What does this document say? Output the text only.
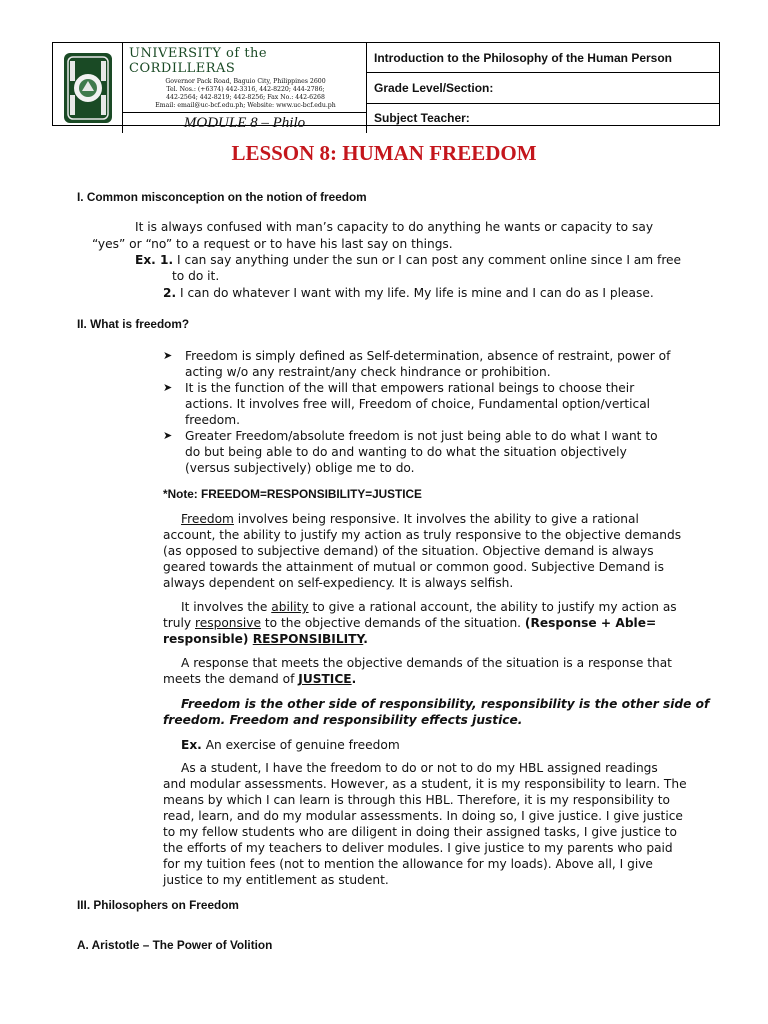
UNIVERSITY of the CORDILLERAS
Governor Pack Road, Baguio City, Philippines 2600
Tel. Nos.: (+6374) 442-3316, 442-8220; 444-2786;
442-2564; 442-8219; 442-8256; Fax No.: 442-6268
Email: email@uc-bcf.edu.ph; Website: www.uc-bcf.edu.ph
MODULE 8 – Philo
Introduction to the Philosophy of the Human Person
Grade Level/Section:
Subject Teacher:
LESSON 8: HUMAN FREEDOM
I. Common misconception on the notion of freedom
It is always confused with man’s capacity to do anything he wants or capacity to say
“yes” or “no” to a request or to have his last say on things.
Ex. 1. I can say anything under the sun or I can post any comment online since I am free
to do it.
2. I can do whatever I want with my life. My life is mine and I can do as I please.
II. What is freedom?
➤ Freedom is simply defined as Self-determination, absence of restraint, power of
acting w/o any restraint/any check hindrance or prohibition.
➤ It is the function of the will that empowers rational beings to choose their
actions. It involves free will, Freedom of choice, Fundamental option/vertical
freedom.
➤ Greater Freedom/absolute freedom is not just being able to do what I want to
do but being able to do and wanting to do what the situation objectively
(versus subjectively) oblige me to do.
*Note: FREEDOM=RESPONSIBILITY=JUSTICE
Freedom involves being responsive. It involves the ability to give a rational
account, the ability to justify my action as truly responsive to the objective demands
(as opposed to subjective demand) of the situation. Objective demand is always
geared towards the attainment of mutual or common good. Subjective Demand is
always dependent on self-expediency. It is always selfish.
It involves the ability to give a rational account, the ability to justify my action as
truly responsive to the objective demands of the situation. (Response + Able=
responsible) RESPONSIBILITY.
A response that meets the objective demands of the situation is a response that
meets the demand of JUSTICE.
Freedom is the other side of responsibility, responsibility is the other side of
freedom. Freedom and responsibility effects justice.
Ex. An exercise of genuine freedom
As a student, I have the freedom to do or not to do my HBL assigned readings
and modular assessments. However, as a student, it is my responsibility to learn. The
means by which I can learn is through this HBL. Therefore, it is my responsibility to
read, learn, and do my modular assessments. In doing so, I give justice. I give justice
to my fellow students who are diligent in doing their assigned tasks, I give justice to
the efforts of my teachers to deliver modules. I give justice to my parents who paid
for my tuition fees (not to mention the allowance for my loads). Above all, I give
justice to my entitlement as student.
III. Philosophers on Freedom
A. Aristotle – The Power of Volition
